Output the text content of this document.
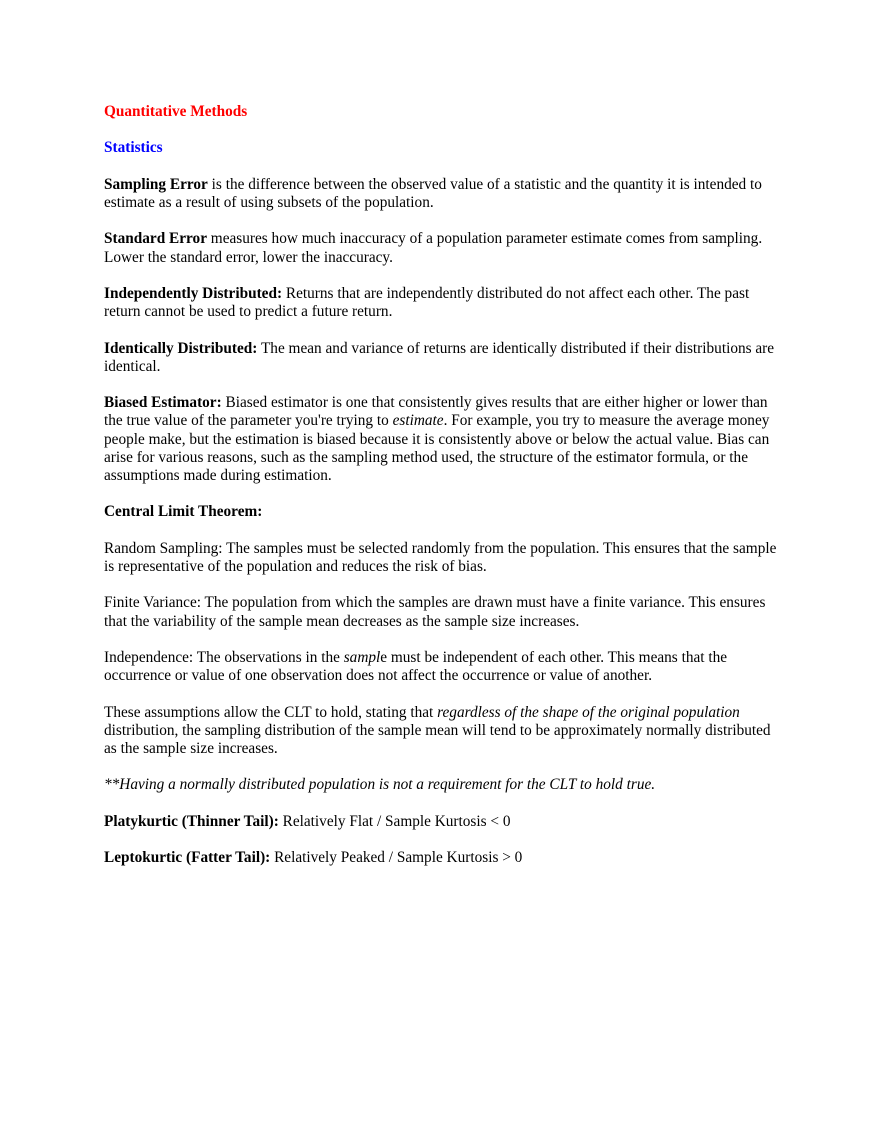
Quantitative Methods

Statistics

Sampling Error is the difference between the observed value of a statistic and the quantity it is intended to estimate as a result of using subsets of the population.

Standard Error measures how much inaccuracy of a population parameter estimate comes from sampling. Lower the standard error, lower the inaccuracy.

Independently Distributed: Returns that are independently distributed do not affect each other. The past return cannot be used to predict a future return.

Identically Distributed: The mean and variance of returns are identically distributed if their distributions are identical.

Biased Estimator: Biased estimator is one that consistently gives results that are either higher or lower than the true value of the parameter you're trying to estimate. For example, you try to measure the average money people make, but the estimation is biased because it is consistently above or below the actual value. Bias can arise for various reasons, such as the sampling method used, the structure of the estimator formula, or the assumptions made during estimation.

Central Limit Theorem:

Random Sampling: The samples must be selected randomly from the population. This ensures that the sample is representative of the population and reduces the risk of bias.

Finite Variance: The population from which the samples are drawn must have a finite variance. This ensures that the variability of the sample mean decreases as the sample size increases.

Independence: The observations in the sample must be independent of each other. This means that the occurrence or value of one observation does not affect the occurrence or value of another.

These assumptions allow the CLT to hold, stating that regardless of the shape of the original population distribution, the sampling distribution of the sample mean will tend to be approximately normally distributed as the sample size increases.

**Having a normally distributed population is not a requirement for the CLT to hold true.

Platykurtic (Thinner Tail): Relatively Flat / Sample Kurtosis < 0

Leptokurtic (Fatter Tail): Relatively Peaked / Sample Kurtosis > 0
